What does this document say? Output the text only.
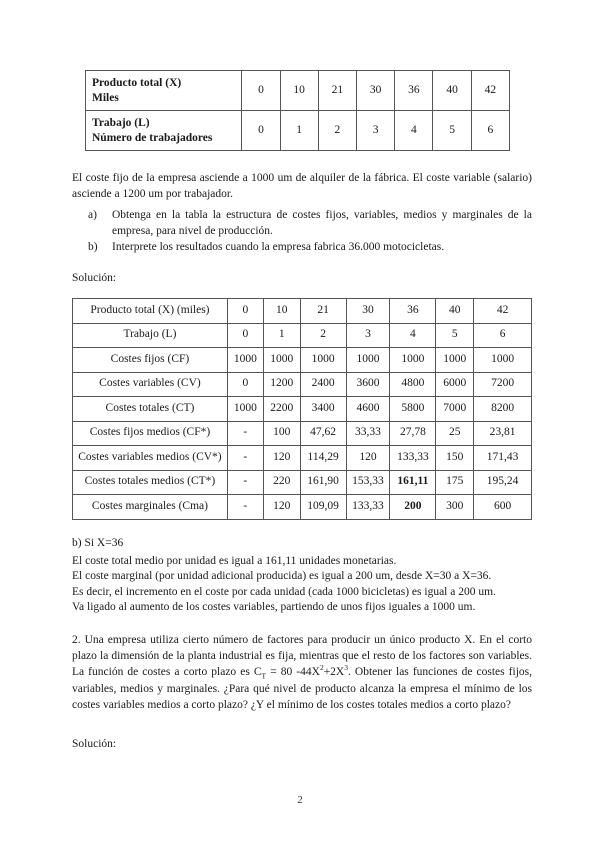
Producto total (X)
Miles	0	10	21	30	36	40	42

Trabajo (L)
Número de trabajadores	0	1	2	3	4	5	6

El coste fijo de la empresa asciende a 1000 um de alquiler de la fábrica. El coste variable (salario) asciende a 1200 um por trabajador.

a) Obtenga en la tabla la estructura de costes fijos, variables, medios y marginales de la empresa, para nivel de producción.
b) Interprete los resultados cuando la empresa fabrica 36.000 motocicletas.
Solución:
Producto total (X) (miles)	0	10	21	30	36	40	42
Trabajo (L)	0	1	2	3	4	5	6
Costes fijos (CF)	1000	1000	1000	1000	1000	1000	1000
Costes variables (CV)	0	1200	2400	3600	4800	6000	7200
Costes totales (CT)	1000	2200	3400	4600	5800	7000	8200
Costes fijos medios (CF*)	-	100	47,62	33,33	27,78	25	23,81
Costes variables medios (CV*)	-	120	114,29	120	133,33	150	171,43
Costes totales medios (CT*)	-	220	161,90	153,33	161,11	175	195,24
Costes marginales (Cma)	-	120	109,09	133,33	200	300	600
b) Si X=36
El coste total medio por unidad es igual a 161,11 unidades monetarias.
El coste marginal (por unidad adicional producida) es igual a 200 um, desde X=30 a X=36.
Es decir, el incremento en el coste por cada unidad (cada 1000 bicicletas) es igual a 200 um.
Va ligado al aumento de los costes variables, partiendo de unos fijos iguales a 1000 um.

2. Una empresa utiliza cierto número de factores para producir un único producto X. En el corto plazo la dimensión de la planta industrial es fija, mientras que el resto de los factores son variables. La función de costes a corto plazo es $C_T = 80$ $-44X^2+2X^3$. Obtener las funciones de costes fijos, variables, medios y marginales. ¿Para qué nivel de producto alcanza la empresa el mínimo de los costes variables medios a corto plazo? ¿Y el mínimo de los costes totales medios a corto plazo?

Solución:
2
